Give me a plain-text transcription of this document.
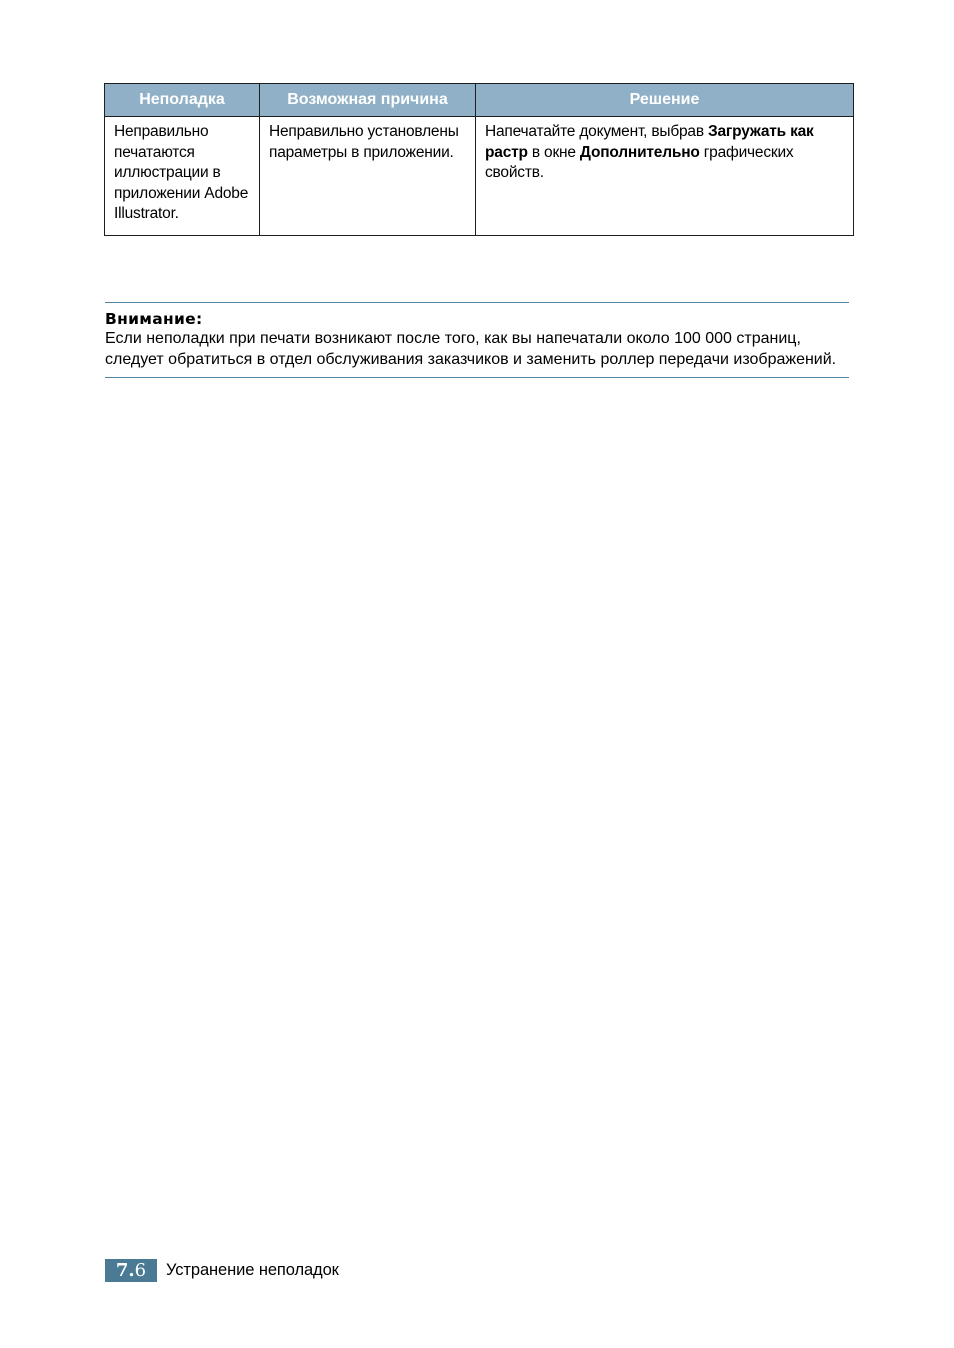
Неполадка	Возможная причина	Решение
Неправильно печатаются иллюстрации в приложении Adobe Illustrator.	Неправильно установлены параметры в приложении.	Напечатайте документ, выбрав Загружать как растр в окне Дополнительно графических свойств.
Внимание:
Если неполадки при печати возникают после того, как вы напечатали около 100 000 страниц, следует обратиться в отдел обслуживания заказчиков и заменить роллер передачи изображений.
7. 6 Устранение неполадок
